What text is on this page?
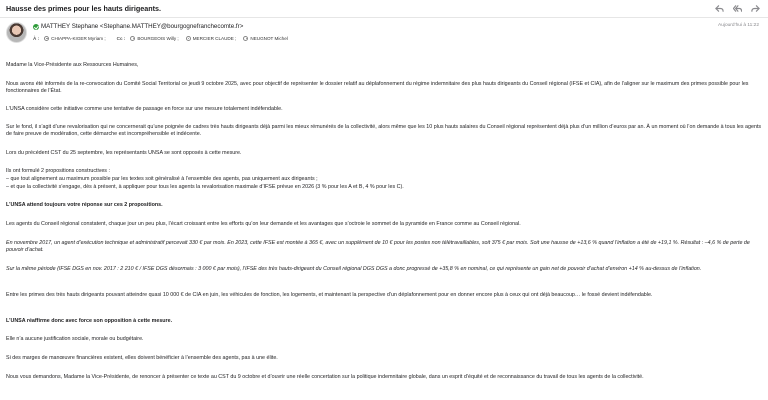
Hausse des primes pour les hauts dirigeants.
MATTHEY Stephane <Stephane.MATTHEY@bourgognefranchecomte.fr>
À :	CHIAPPA-KIGER Myriam ; Cc :	BOURGEOIS Willy ;	MERCIER CLAUDE ;	NEUGNOT Michel
Aujourd’hui à 11:22

Madame la Vice-Présidente aux Ressources Humaines,

Nous avons été informés de la re-convocation du Comité Social Territorial ce jeudi 9 octobre 2025, avec pour objectif de représenter le dossier relatif au déplafonnement du régime indemnitaire des plus hauts dirigeants du Conseil régional (IFSE et CIA), afin de l’aligner sur le maximum des primes possible pour les fonctionnaires de l’État.

L’UNSA considère cette initiative comme une tentative de passage en force sur une mesure totalement indéfendable.

Sur le fond, il s’agit d’une revalorisation qui ne concernerait qu’une poignée de cadres très hauts dirigeants déjà parmi les mieux rémunérés de la collectivité, alors même que les 10 plus hauts salaires du Conseil régional représentent déjà plus d’un million d’euros par an. À un moment où l’on demande à tous les agents de faire preuve de modération, cette démarche est incompréhensible et indécente.

Lors du précédent CST du 25 septembre, les représentants UNSA se sont opposés à cette mesure.

Ils ont formulé 2 propositions constructives :

– que tout alignement au maximum possible par les textes soit généralisé à l’ensemble des agents, pas uniquement aux dirigeants ;

– et que la collectivité s’engage, dès à présent, à appliquer pour tous les agents la revalorisation maximale d’IFSE prévue en 2026 (3 % pour les A et B, 4 % pour les C).

L’UNSA attend toujours votre réponse sur ces 2 propositions.

Les agents du Conseil régional constatent, chaque jour un peu plus, l’écart croissant entre les efforts qu’on leur demande et les avantages que s’octroie le sommet de la pyramide en France comme au Conseil régional.

En novembre 2017, un agent d’exécution technique et administratif percevait 330 € par mois. En 2023, cette IFSE est montée à 365 €, avec un supplément de 10 € pour les postes non télétravaillables, soit 375 € par mois. Soit une hausse de +13,6 % quand l’inflation a été de +19,1 %. Résultat : –4,6 % de perte de pouvoir d’achat.

Sur la même période (IFSE DGS en nov. 2017 : 2 210 € / IFSE DGS désormais : 3 000 € par mois), l’IFSE des très hauts-dirigeant du Conseil régional DGS DGS a donc progressé de +35,8 % en nominal, ce qui représente un gain net de pouvoir d’achat d’environ +14 % au-dessus de l’inflation.

Entre les primes des très hauts dirigeants pouvant atteindre quasi 10 000 € de CIA en juin, les véhicules de fonction, les logements, et maintenant la perspective d’un déplafonnement pour en donner encore plus à ceux qui ont déjà beaucoup… le fossé devient indéfendable.

L’UNSA réaffirme donc avec force son opposition à cette mesure.

Elle n’a aucune justification sociale, morale ou budgétaire.

Si des marges de manœuvre financières existent, elles doivent bénéficier à l’ensemble des agents, pas à une élite.

Nous vous demandons, Madame la Vice-Présidente, de renoncer à présenter ce texte au CST du 9 octobre et d’ouvrir une réelle concertation sur la politique indemnitaire globale, dans un esprit d’équité et de reconnaissance du travail de tous les agents de la collectivité.
